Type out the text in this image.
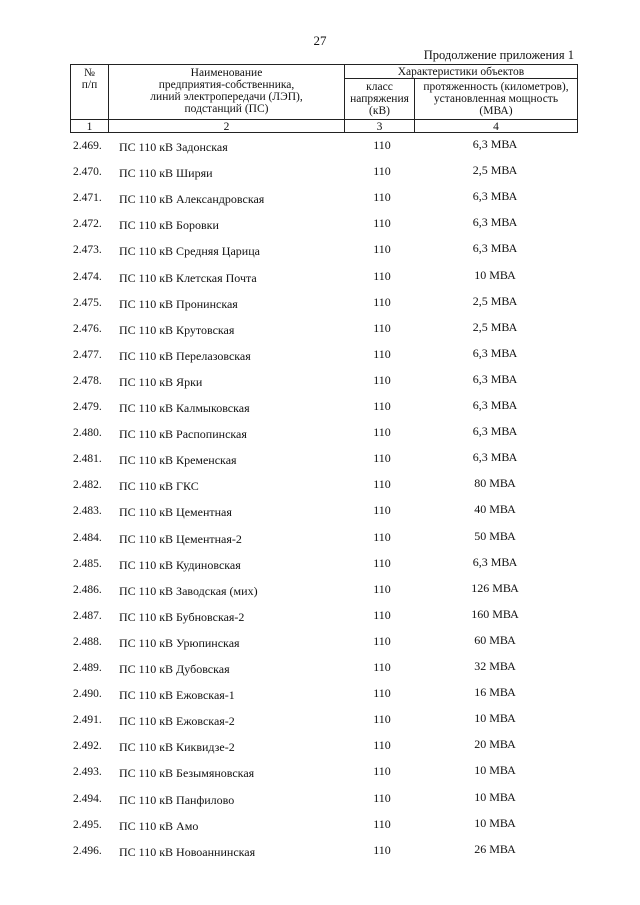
27
Продолжение приложения 1
№
п/п
Наименование
предприятия-собственника,
линий электропередачи (ЛЭП),
подстанций (ПС)
Характеристики объектов
класс
напряжения
(кВ)
протяженность (километров),
установленная мощность
(МВА)
1	2	3	4
2.469. ПС 110 кВ Задонская	110	6,3 МВА
2.470. ПС 110 кВ Ширяи	110	2,5 МВА
2.471. ПС 110 кВ Александровская	110	6,3 МВА
2.472. ПС 110 кВ Боровки	110	6,3 МВА
2.473. ПС 110 кВ Средняя Царица	110	6,3 МВА
2.474. ПС 110 кВ Клетская Почта	110	10 МВА
2.475. ПС 110 кВ Пронинская	110	2,5 МВА
2.476. ПС 110 кВ Крутовская	110	2,5 МВА
2.477. ПС 110 кВ Перелазовская	110	6,3 МВА
2.478. ПС 110 кВ Ярки	110	6,3 МВА
2.479. ПС 110 кВ Калмыковская	110	6,3 МВА
2.480. ПС 110 кВ Распопинская	110	6,3 МВА
2.481. ПС 110 кВ Кременская	110	6,3 МВА
2.482. ПС 110 кВ ГКС	110	80 МВА
2.483. ПС 110 кВ Цементная	110	40 МВА
2.484. ПС 110 кВ Цементная-2	110	50 МВА
2.485. ПС 110 кВ Кудиновская	110	6,3 МВА
2.486. ПС 110 кВ Заводская (мих)	110	126 МВА
2.487. ПС 110 кВ Бубновская-2	110	160 МВА
2.488. ПС 110 кВ Урюпинская	110	60 МВА
2.489. ПС 110 кВ Дубовская	110	32 МВА
2.490. ПС 110 кВ Ежовская-1	110	16 МВА
2.491. ПС 110 кВ Ежовская-2	110	10 МВА
2.492. ПС 110 кВ Киквидзе-2	110	20 МВА
2.493. ПС 110 кВ Безымяновская	110	10 МВА
2.494. ПС 110 кВ Панфилово	110	10 МВА
2.495. ПС 110 кВ Амо	110	10 МВА
2.496. ПС 110 кВ Новоаннинская	110	26 МВА
